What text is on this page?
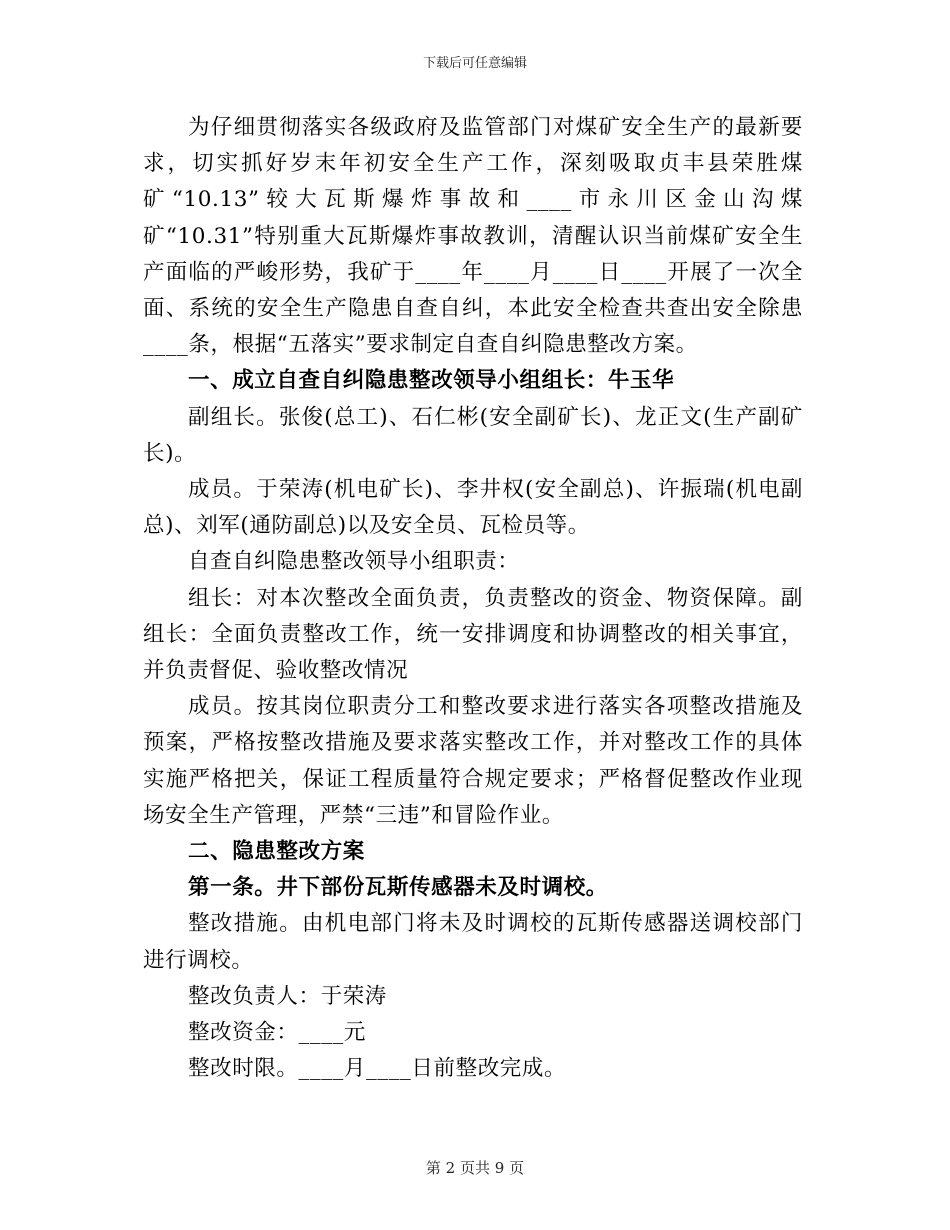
下载后可任意编辑

为仔细贯彻落实各级政府及监管部门对煤矿安全生产的最新要求，切实抓好岁末年初安全生产工作，深刻吸取贞丰县荣胜煤矿“10.13”较大瓦斯爆炸事故和____市永川区金山沟煤矿“10.31”特别重大瓦斯爆炸事故教训，清醒认识当前煤矿安全生产面临的严峻形势，我矿于____年____月____日____开展了一次全面、系统的安全生产隐患自查自纠，本此安全检查共查出安全除患____条，根据“五落实”要求制定自查自纠隐患整改方案。

一、成立自查自纠隐患整改领导小组组长：牛玉华

副组长。张俊(总工)、石仁彬(安全副矿长)、龙正文(生产副矿长)。

成员。于荣涛(机电矿长)、李井权(安全副总)、许振瑞(机电副总)、刘军(通防副总)以及安全员、瓦检员等。

自查自纠隐患整改领导小组职责：

组长：对本次整改全面负责，负责整改的资金、物资保障。副组长：全面负责整改工作，统一安排调度和协调整改的相关事宜，并负责督促、验收整改情况

成员。按其岗位职责分工和整改要求进行落实各项整改措施及预案，严格按整改措施及要求落实整改工作，并对整改工作的具体实施严格把关，保证工程质量符合规定要求；严格督促整改作业现场安全生产管理，严禁“三违”和冒险作业。

二、隐患整改方案

第一条。井下部份瓦斯传感器未及时调校。

整改措施。由机电部门将未及时调校的瓦斯传感器送调校部门进行调校。

整改负责人：于荣涛

整改资金：____元

整改时限。____月____日前整改完成。

第 2 页共 9 页
